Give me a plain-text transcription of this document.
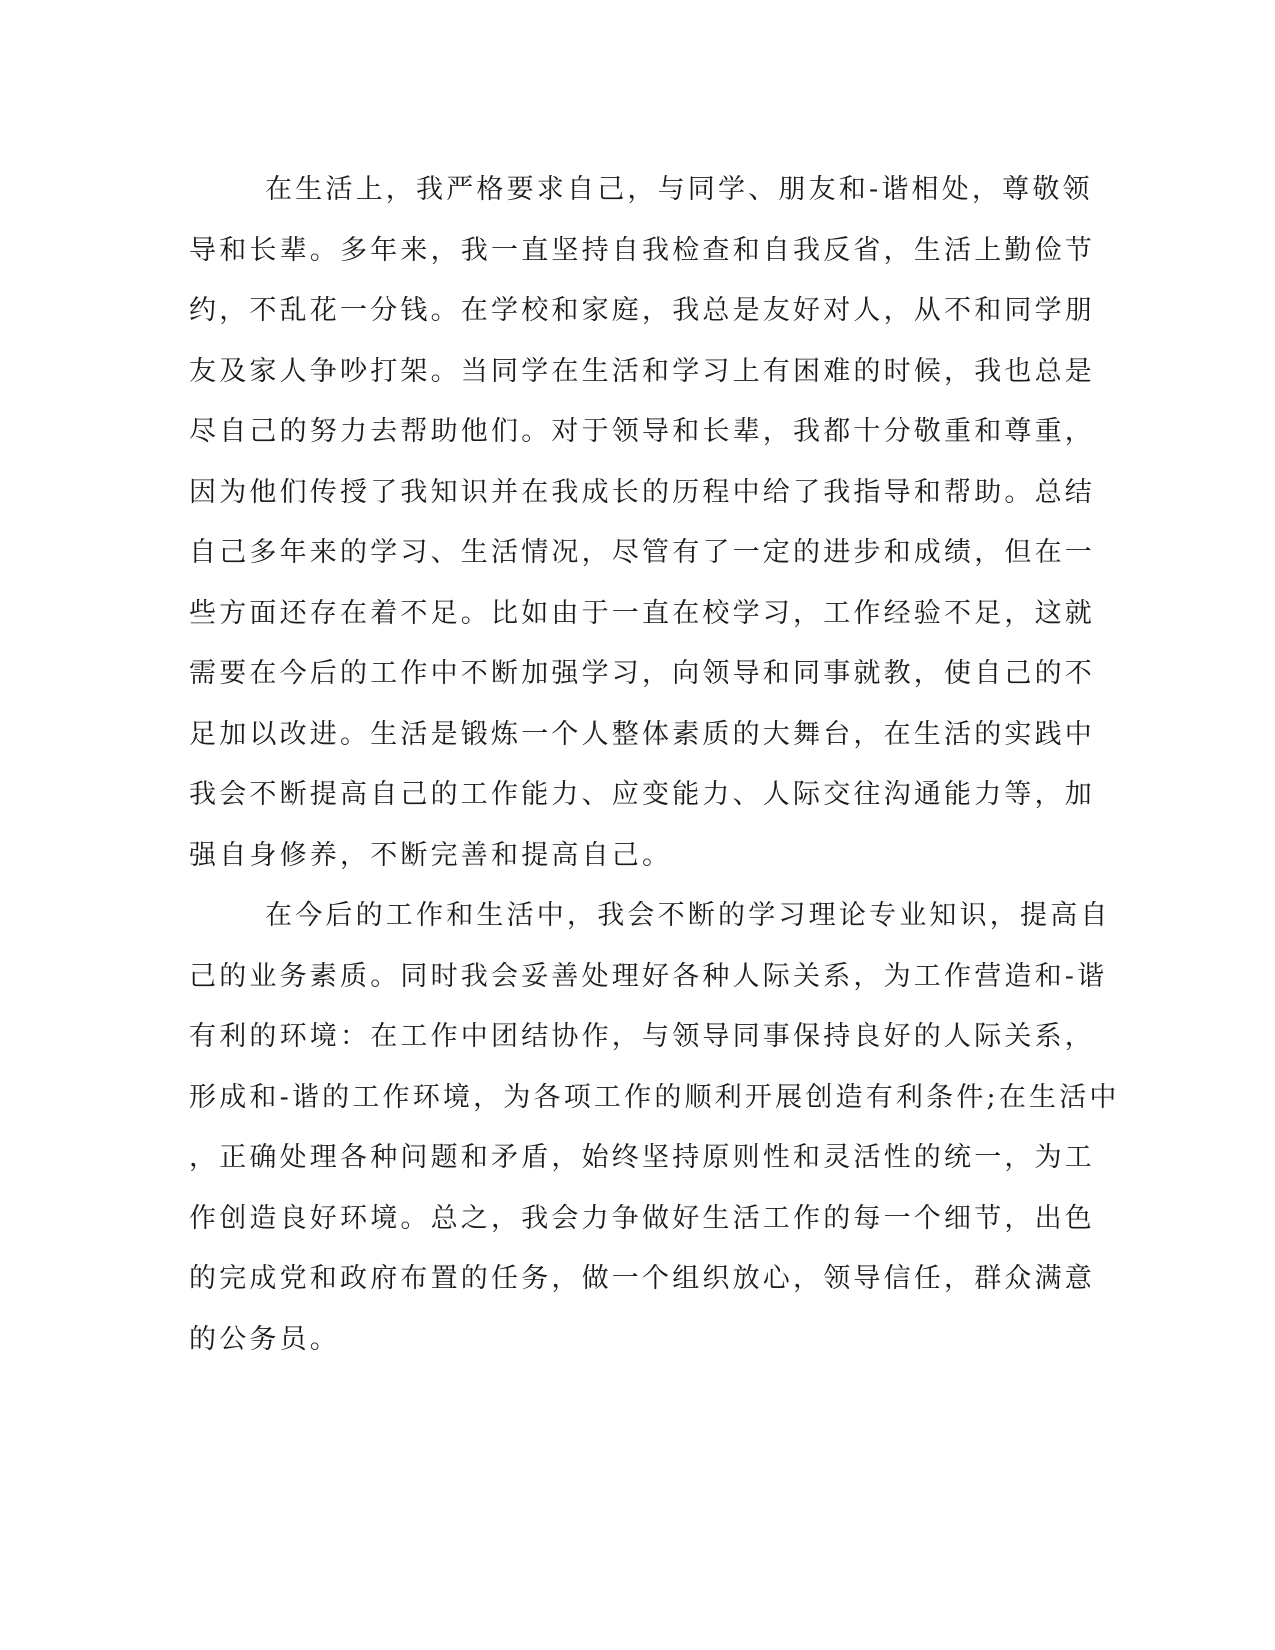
在生活上，我严格要求自己，与同学、朋友和-谐相处，尊敬领
导和长辈。多年来，我一直坚持自我检查和自我反省，生活上勤俭节
约，不乱花一分钱。在学校和家庭，我总是友好对人，从不和同学朋
友及家人争吵打架。当同学在生活和学习上有困难的时候，我也总是
尽自己的努力去帮助他们。对于领导和长辈，我都十分敬重和尊重，
因为他们传授了我知识并在我成长的历程中给了我指导和帮助。总结
自己多年来的学习、生活情况，尽管有了一定的进步和成绩，但在一
些方面还存在着不足。比如由于一直在校学习，工作经验不足，这就
需要在今后的工作中不断加强学习，向领导和同事就教，使自己的不
足加以改进。生活是锻炼一个人整体素质的大舞台，在生活的实践中
我会不断提高自己的工作能力、应变能力、人际交往沟通能力等，加
强自身修养，不断完善和提高自己。
在今后的工作和生活中，我会不断的学习理论专业知识，提高自
己的业务素质。同时我会妥善处理好各种人际关系，为工作营造和-谐
有利的环境：在工作中团结协作，与领导同事保持良好的人际关系，
形成和-谐的工作环境，为各项工作的顺利开展创造有利条件;在生活中
，正确处理各种问题和矛盾，始终坚持原则性和灵活性的统一，为工
作创造良好环境。总之，我会力争做好生活工作的每一个细节，出色
的完成党和政府布置的任务，做一个组织放心，领导信任，群众满意
的公务员。
